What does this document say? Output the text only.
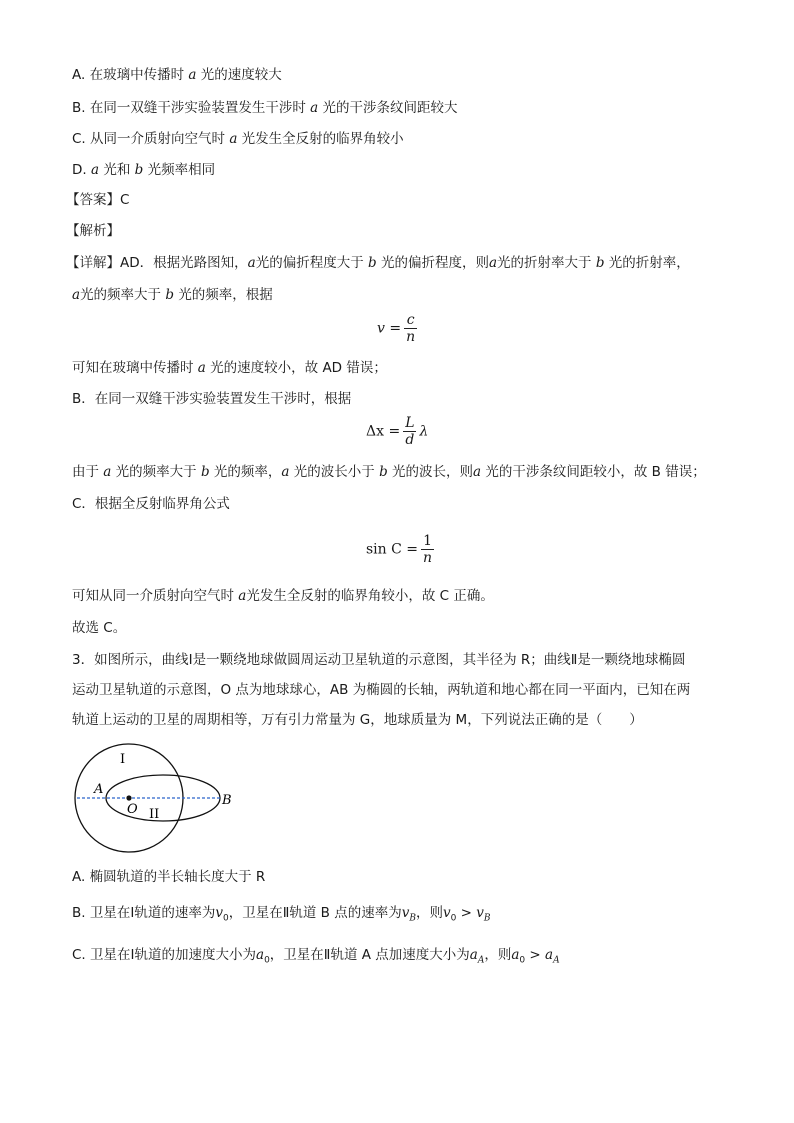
A. 在玻璃中传播时 a 光的速度较大
B. 在同一双缝干涉实验装置发生干涉时 a 光的干涉条纹间距较大
C. 从同一介质射向空气时 a 光发生全反射的临界角较小
D. a 光和 b 光频率相同
【答案】C
【解析】
【详解】AD．根据光路图知，a光的偏折程度大于 b 光的偏折程度，则a光的折射率大于 b 光的折射率，
a光的频率大于 b 光的频率，根据
$v = \frac{c}{n}$
可知在玻璃中传播时 a 光的速度较小，故 AD 错误；
B．在同一双缝干涉实验装置发生干涉时，根据
$\Delta x = \frac{L}{d}$ λ
由于 a 光的频率大于 b 光的频率，a 光的波长小于 b 光的波长，则a 光的干涉条纹间距较小，故 B 错误；
C．根据全反射临界角公式
$\sin C = \frac{1}{n}$
可知从同一介质射向空气时 a光发生全反射的临界角较小，故 C 正确。
故选 C。
3．如图所示，曲线Ⅰ是一颗绕地球做圆周运动卫星轨道的示意图，其半径为 R；曲线Ⅱ是一颗绕地球椭圆
运动卫星轨道的示意图，O 点为地球球心，AB 为椭圆的长轴，两轨道和地心都在同一平面内，已知在两
轨道上运动的卫星的周期相等，万有引力常量为 G，地球质量为 M，下列说法正确的是（　　）
I
A
O II
B
A. 椭圆轨道的半长轴长度大于 R
B. 卫星在Ⅰ轨道的速率为$v_0$，卫星在Ⅱ轨道 B 点的速率为$v_B$，则$v_0 > v_B$
C. 卫星在Ⅰ轨道的加速度大小为$a_0$，卫星在Ⅱ轨道 A 点加速度大小为$a_A$，则$a_0 > a_A$
